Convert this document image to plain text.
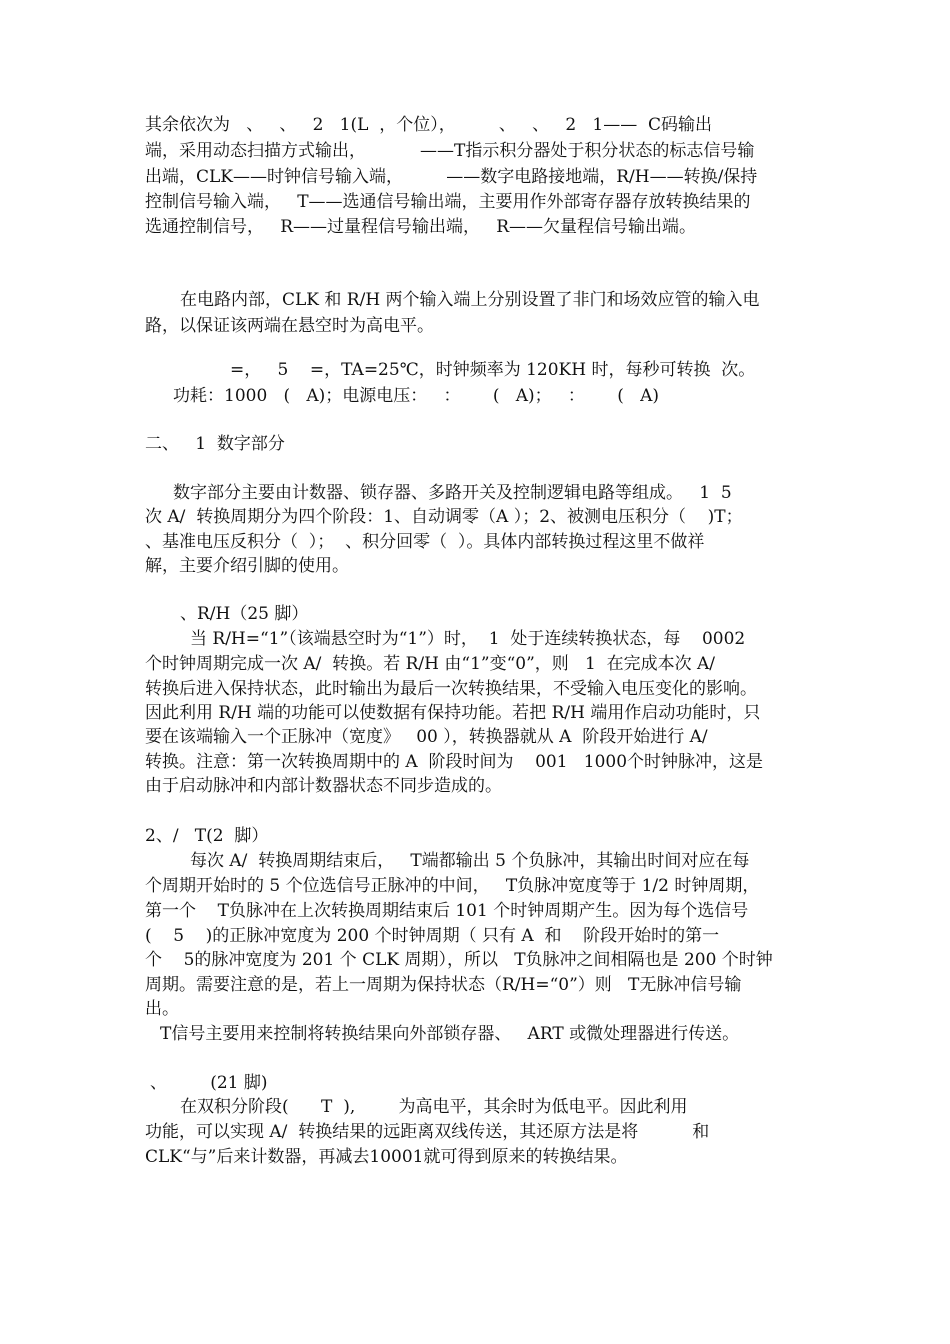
其余依次为   、   、   2   1(L  ，个位），        、   、   2   1——  C码输出
端，采用动态扫描方式输出，          ——T指示积分器处于积分状态的标志信号输
出端，CLK——时钟信号输入端，        ——数字电路接地端，R/H——转换/保持
控制信号输入端，   T——选通信号输出端，主要用作外部寄存器存放转换结果的
选通控制信号，   R——过量程信号输出端，   R——欠量程信号输出端。
在电路内部，CLK 和 R/H 两个输入端上分别设置了非门和场效应管的输入电
路，以保证该两端在悬空时为高电平。
=，   5    =，TA=25℃，时钟频率为 120KH 时，每秒可转换  次。
功耗：1000   (   A)；电源电压：   ：      (   A)；   ：      (   A)
二、   1  数字部分
数字部分主要由计数器、锁存器、多路开关及控制逻辑电路等组成。   1  5
次 A/  转换周期分为四个阶段：1、自动调零（A ）；2、被测电压积分（    )T；
、基准电压反积分（  ）；  、积分回零（  ）。具体内部转换过程这里不做祥
解，主要介绍引脚的使用。
、R/H（25 脚）
当 R/H=“1”（该端悬空时为“1”）时，  1  处于连续转换状态，每    0002
个时钟周期完成一次 A/  转换。若 R/H 由“1”变“0”，则   1  在完成本次 A/
转换后进入保持状态，此时输出为最后一次转换结果，不受输入电压变化的影响。
因此利用 R/H 端的功能可以使数据有保持功能。若把 R/H 端用作启动功能时，只
要在该端输入一个正脉冲（宽度》   00 ），转换器就从 A  阶段开始进行 A/
转换。注意：第一次转换周期中的 A  阶段时间为    001   1000个时钟脉冲，这是
由于启动脉冲和内部计数器状态不同步造成的。
2、/   T(2  脚）
每次 A/  转换周期结束后，   T端都输出 5 个负脉冲，其输出时间对应在每
个周期开始时的 5 个位选信号正脉冲的中间，   T负脉冲宽度等于 1/2 时钟周期，
第一个    T负脉冲在上次转换周期结束后 101 个时钟周期产生。因为每个选信号
(    5    )的正脉冲宽度为 200 个时钟周期（ 只有 A  和    阶段开始时的第一
个    5的脉冲宽度为 201 个 CLK 周期），所以   T负脉冲之间相隔也是 200 个时钟
周期。需要注意的是，若上一周期为保持状态（R/H=“0”）则   T无脉冲信号输
出。
T信号主要用来控制将转换结果向外部锁存器、   ART 或微处理器进行传送。
、        (21 脚)
在双积分阶段(      T  ),        为高电平，其余时为低电平。因此利用
功能，可以实现 A/  转换结果的远距离双线传送，其还原方法是将          和
CLK“与”后来计数器，再减去10001就可得到原来的转换结果。
